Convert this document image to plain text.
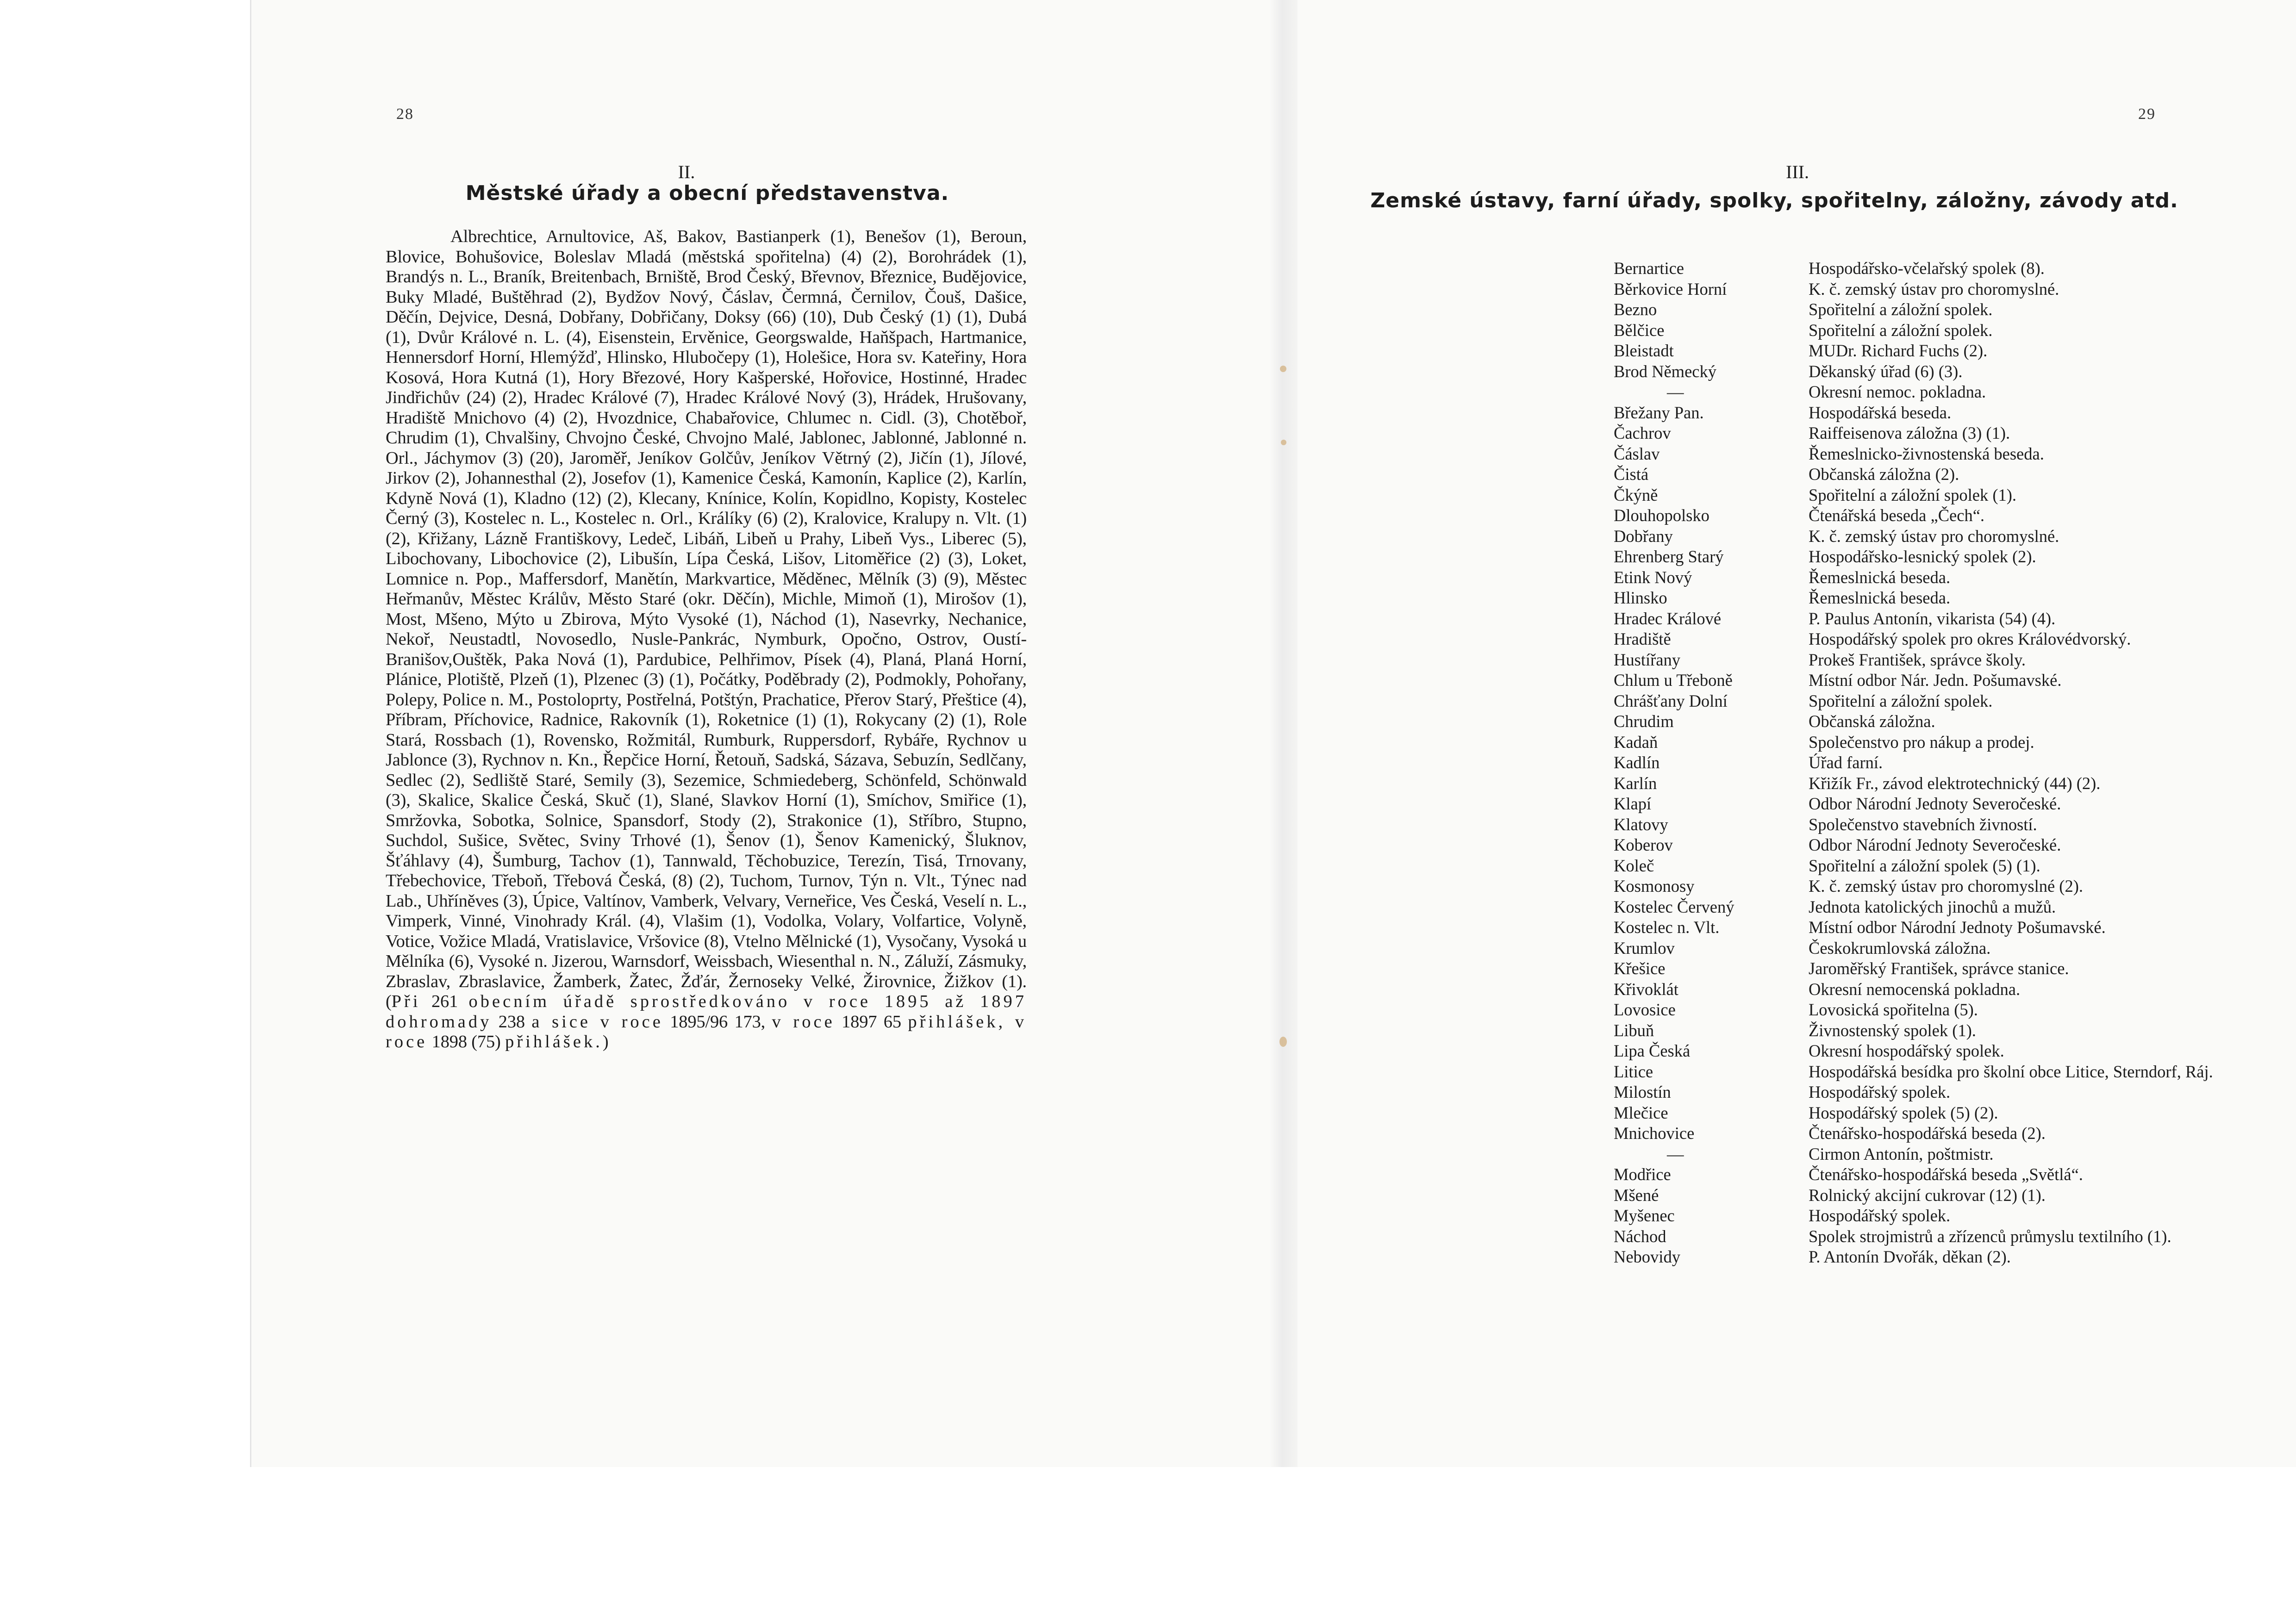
28
II.
Městské úřady a obecní představenstva.
Albrechtice, Arnultovice, Aš, Bakov, Bastianperk (1), Benešov (1), Beroun, Blovice, Bohušovice, Boleslav Mladá (městská spořitelna) (4) (2), Borohrádek (1), Brandýs n. L., Braník, Breitenbach, Brniště, Brod Český, Břevnov, Březnice, Budějovice, Buky Mladé, Buštěhrad (2), Bydžov Nový, Čáslav, Čermná, Černilov, Čouš, Dašice, Děčín, Dejvice, Desná, Dobřany, Dobřičany, Doksy (66) (10), Dub Český (1) (1), Dubá (1), Dvůr Králové n. L. (4), Eisenstein, Ervěnice, Georgswalde, Haňšpach, Hartmanice, Hennersdorf Horní, Hlemýžď, Hlinsko, Hlubočepy (1), Holešice, Hora sv. Kateřiny, Hora Kosová, Hora Kutná (1), Hory Březové, Hory Kašperské, Hořovice, Hostinné, Hradec Jindřichův (24) (2), Hradec Králové (7), Hradec Králové Nový (3), Hrádek, Hrušovany, Hradiště Mnichovo (4) (2), Hvozdnice, Chabařovice, Chlumec n. Cidl. (3), Chotěboř, Chrudim (1), Chvalšiny, Chvojno České, Chvojno Malé, Jablonec, Jablonné, Jablonné n. Orl., Jáchymov (3) (20), Jaroměř, Jeníkov Golčův, Jeníkov Větrný (2), Jičín (1), Jílové, Jirkov (2), Johannesthal (2), Josefov (1), Kamenice Česká, Kamonín, Kaplice (2), Karlín, Kdyně Nová (1), Kladno (12) (2), Klecany, Knínice, Kolín, Kopidlno, Kopisty, Kostelec Černý (3), Kostelec n. L., Kostelec n. Orl., Králíky (6) (2), Kralovice, Kralupy n. Vlt. (1) (2), Křižany, Lázně Františkovy, Ledeč, Libáň, Libeň u Prahy, Libeň Vys., Liberec (5), Libochovany, Libochovice (2), Libušín, Lípa Česká, Lišov, Litoměřice (2) (3), Loket, Lomnice n. Pop., Maffersdorf, Manětín, Markvartice, Měděnec, Mělník (3) (9), Městec Heřmanův, Městec Králův, Město Staré (okr. Děčín), Michle, Mimoň (1), Mirošov (1), Most, Mšeno, Mýto u Zbirova, Mýto Vysoké (1), Náchod (1), Nasevrky, Nechanice, Nekoř, Neustadtl, Novosedlo, Nusle-Pankrác, Nymburk, Opočno, Ostrov, Oustí-Branišov,Ouštěk, Paka Nová (1), Pardubice, Pelhřimov, Písek (4), Planá, Planá Horní, Plánice, Plotiště, Plzeň (1), Plzenec (3) (1), Počátky, Poděbrady (2), Podmokly, Pohořany, Polepy, Police n. M., Postoloprty, Postřelná, Potštýn, Prachatice, Přerov Starý, Přeštice (4), Příbram, Příchovice, Radnice, Rakovník (1), Roketnice (1) (1), Rokycany (2) (1), Role Stará, Rossbach (1), Rovensko, Rožmitál, Rumburk, Ruppersdorf, Rybáře, Rychnov u Jablonce (3), Rychnov n. Kn., Řepčice Horní, Řetouň, Sadská, Sázava, Sebuzín, Sedlčany, Sedlec (2), Sedliště Staré, Semily (3), Sezemice, Schmiedeberg, Schönfeld, Schönwald (3), Skalice, Skalice Česká, Skuč (1), Slané, Slavkov Horní (1), Smíchov, Smiřice (1), Smržovka, Sobotka, Solnice, Spansdorf, Stody (2), Strakonice (1), Stříbro, Stupno, Suchdol, Sušice, Světec, Sviny Trhové (1), Šenov (1), Šenov Kamenický, Šluknov, Šťáhlavy (4), Šumburg, Tachov (1), Tannwald, Těchobuzice, Terezín, Tisá, Trnovany, Třebechovice, Třeboň, Třebová Česká, (8) (2), Tuchom, Turnov, Týn n. Vlt., Týnec nad Lab., Uhříněves (3), Úpice, Valtínov, Vamberk, Velvary, Verneřice, Ves Česká, Veselí n. L., Vimperk, Vinné, Vinohrady Král. (4), Vlašim (1), Vodolka, Volary, Volfartice, Volyně, Votice, Vožice Mladá, Vratislavice, Vršovice (8), Vtelno Mělnické (1), Vysočany, Vysoká u Mělníka (6), Vysoké n. Jizerou, Warnsdorf, Weissbach, Wiesenthal n. N., Záluží, Zásmuky, Zbraslav, Zbraslavice, Žamberk, Žatec, Žďár, Žernoseky Velké, Žirovnice, Žižkov (1). (Při 261 obecním úřadě sprostředkováno v roce 1895 až 1897 dohromady 238 a sice v roce 1895/96 173, v roce 1897 65 přihlášek, v roce 1898 (75) přihlášek.)
29
III.
Zemské ústavy, farní úřady, spolky, spořitelny, záložny, závody atd.
Bernartice	Hospodářsko-včelařský spolek (8).
Běrkovice Horní	K. č. zemský ústav pro choromyslné.
Bezno	Spořitelní a záložní spolek.
Bělčice	Spořitelní a záložní spolek.
Bleistadt	MUDr. Richard Fuchs (2).
Brod Německý	Děkanský úřad (6) (3).
—	Okresní nemoc. pokladna.
Břežany Pan.	Hospodářská beseda.
Čachrov	Raiffeisenova záložna (3) (1).
Čáslav	Řemeslnicko-živnostenská beseda.
Čistá	Občanská záložna (2).
Čkýně	Spořitelní a záložní spolek (1).
Dlouhopolsko	Čtenářská beseda „Čech“.
Dobřany	K. č. zemský ústav pro choromyslné.
Ehrenberg Starý	Hospodářsko-lesnický spolek (2).
Etink Nový	Řemeslnická beseda.
Hlinsko	Řemeslnická beseda.
Hradec Králové	P. Paulus Antonín, vikarista (54) (4).
Hradiště	Hospodářský spolek pro okres Královédvorský.
Hustířany	Prokeš František, správce školy.
Chlum u Třeboně	Místní odbor Nár. Jedn. Pošumavské.
Chrášťany Dolní	Spořitelní a záložní spolek.
Chrudim	Občanská záložna.
Kadaň	Společenstvo pro nákup a prodej.
Kadlín	Úřad farní.
Karlín	Křižík Fr., závod elektrotechnický (44) (2).
Klapí	Odbor Národní Jednoty Severočeské.
Klatovy	Společenstvo stavebních živností.
Koberov	Odbor Národní Jednoty Severočeské.
Koleč	Spořitelní a záložní spolek (5) (1).
Kosmonosy	K. č. zemský ústav pro choromyslné (2).
Kostelec Červený	Jednota katolických jinochů a mužů.
Kostelec n. Vlt.	Místní odbor Národní Jednoty Pošumavské.
Krumlov	Českokrumlovská záložna.
Křešice	Jaroměřský František, správce stanice.
Křivoklát	Okresní nemocenská pokladna.
Lovosice	Lovosická spořitelna (5).
Libuň	Živnostenský spolek (1).
Lipa Česká	Okresní hospodářský spolek.
Litice	Hospodářská besídka pro školní obce Litice, Sterndorf, Ráj.
Milostín	Hospodářský spolek.
Mlečice	Hospodářský spolek (5) (2).
Mnichovice	Čtenářsko-hospodářská beseda (2).
—	Cirmon Antonín, poštmistr.
Modřice	Čtenářsko-hospodářská beseda „Světlá“.
Mšené	Rolnický akcijní cukrovar (12) (1).
Myšenec	Hospodářský spolek.
Náchod	Spolek strojmistrů a zřízenců průmyslu textilního (1).
Nebovidy	P. Antonín Dvořák, děkan (2).
